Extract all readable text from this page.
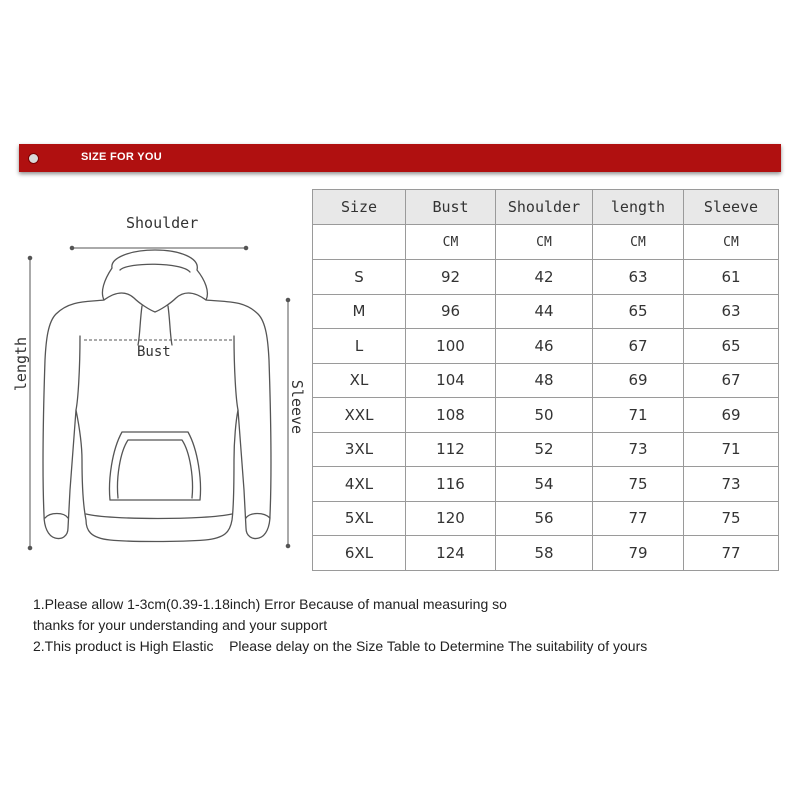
SIZE FOR YOU
Shoulder
Bust
length
Sleeve
Size	Bust	Shoulder	length	Sleeve
	CM	CM	CM	CM
S	92	42	63	61
M	96	44	65	63
L	100	46	67	65
XL	104	48	69	67
XXL	108	50	71	69
3XL	112	52	73	71
4XL	116	54	75	73
5XL	120	56	77	75
6XL	124	58	79	77

1.Please allow 1-3cm(0.39-1.18inch) Error Because of manual measuring so

thanks for your understanding and your support

2.This product is High Elastic    Please delay on the Size Table to Determine The suitability of yours
